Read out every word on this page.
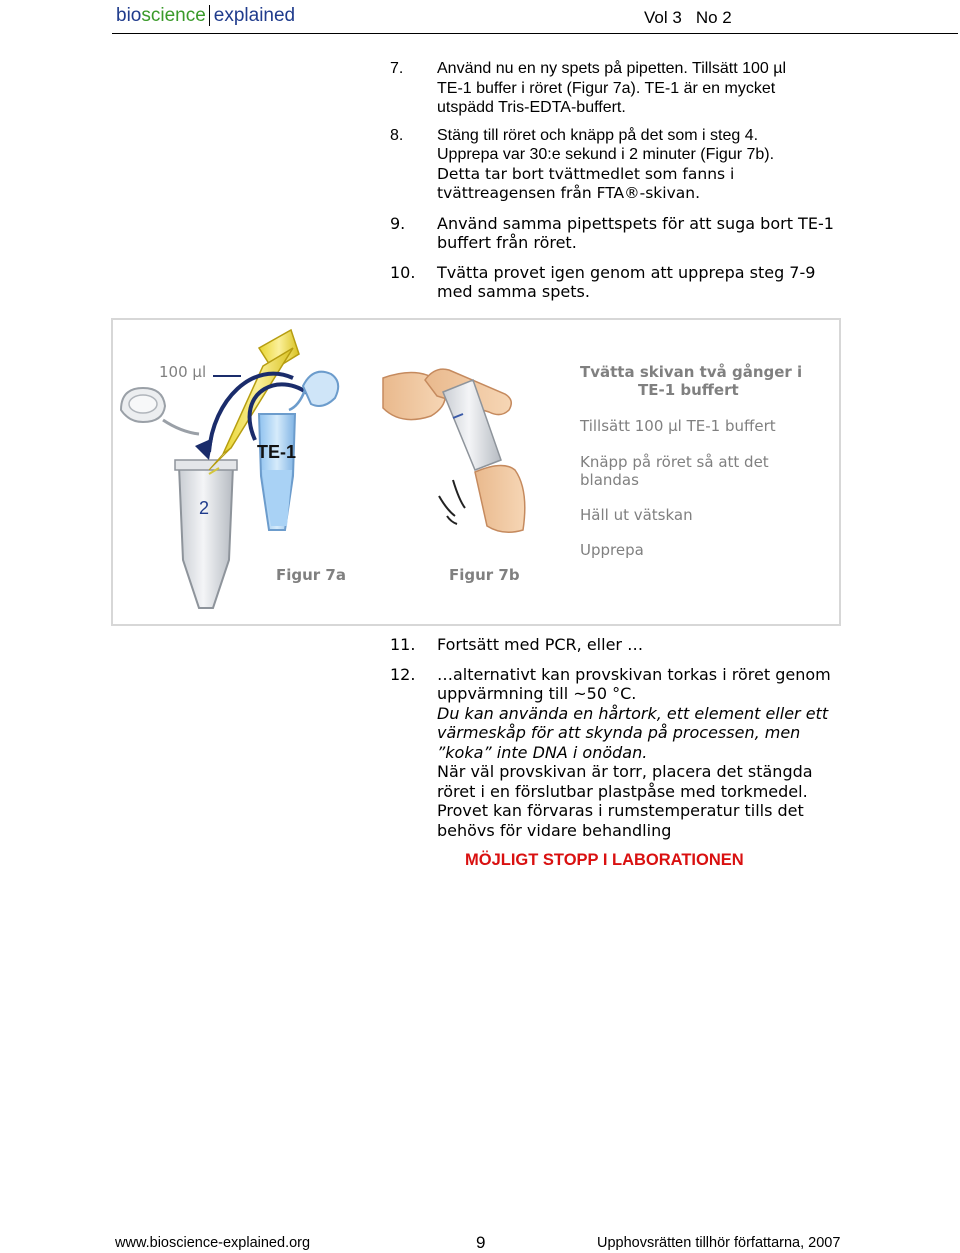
bioscience explained	Vol 3 No 2
7. Använd nu en ny spets på pipetten. Tillsätt 100 µl
TE-1 buffer i röret (Figur 7a). TE-1 är en mycket
utspädd Tris-EDTA-buffert.
8. Stäng till röret och knäpp på det som i steg 4.
Upprepa var 30:e sekund i 2 minuter (Figur 7b).
Detta tar bort tvättmedlet som fanns i
tvättreagensen från FTA®-skivan.
9. Använd samma pipettspets för att suga bort TE-1
buffert från röret.
10. Tvätta provet igen genom att upprepa steg 7-9
med samma spets.
2
TE-1
100 µl
Figur 7a	Figur 7b
Tvätta skivan två gånger i
TE-1 buffert
Tillsätt 100 µl TE-1 buffert
Knäpp på röret så att det
blandas
Häll ut vätskan
Upprepa
11. Fortsätt med PCR, eller …
12. …alternativt kan provskivan torkas i röret genom
uppvärmning till ~50 °C.
Du kan använda en hårtork, ett element eller ett
värmeskåp för att skynda på processen, men
”koka” inte DNA i onödan.
När väl provskivan är torr, placera det stängda
röret i en förslutbar plastpåse med torkmedel.
Provet kan förvaras i rumstemperatur tills det
behövs för vidare behandling
MÖJLIGT STOPP I LABORATIONEN
www.bioscience-explained.org	9	Upphovsrätten tillhör författarna, 2007
